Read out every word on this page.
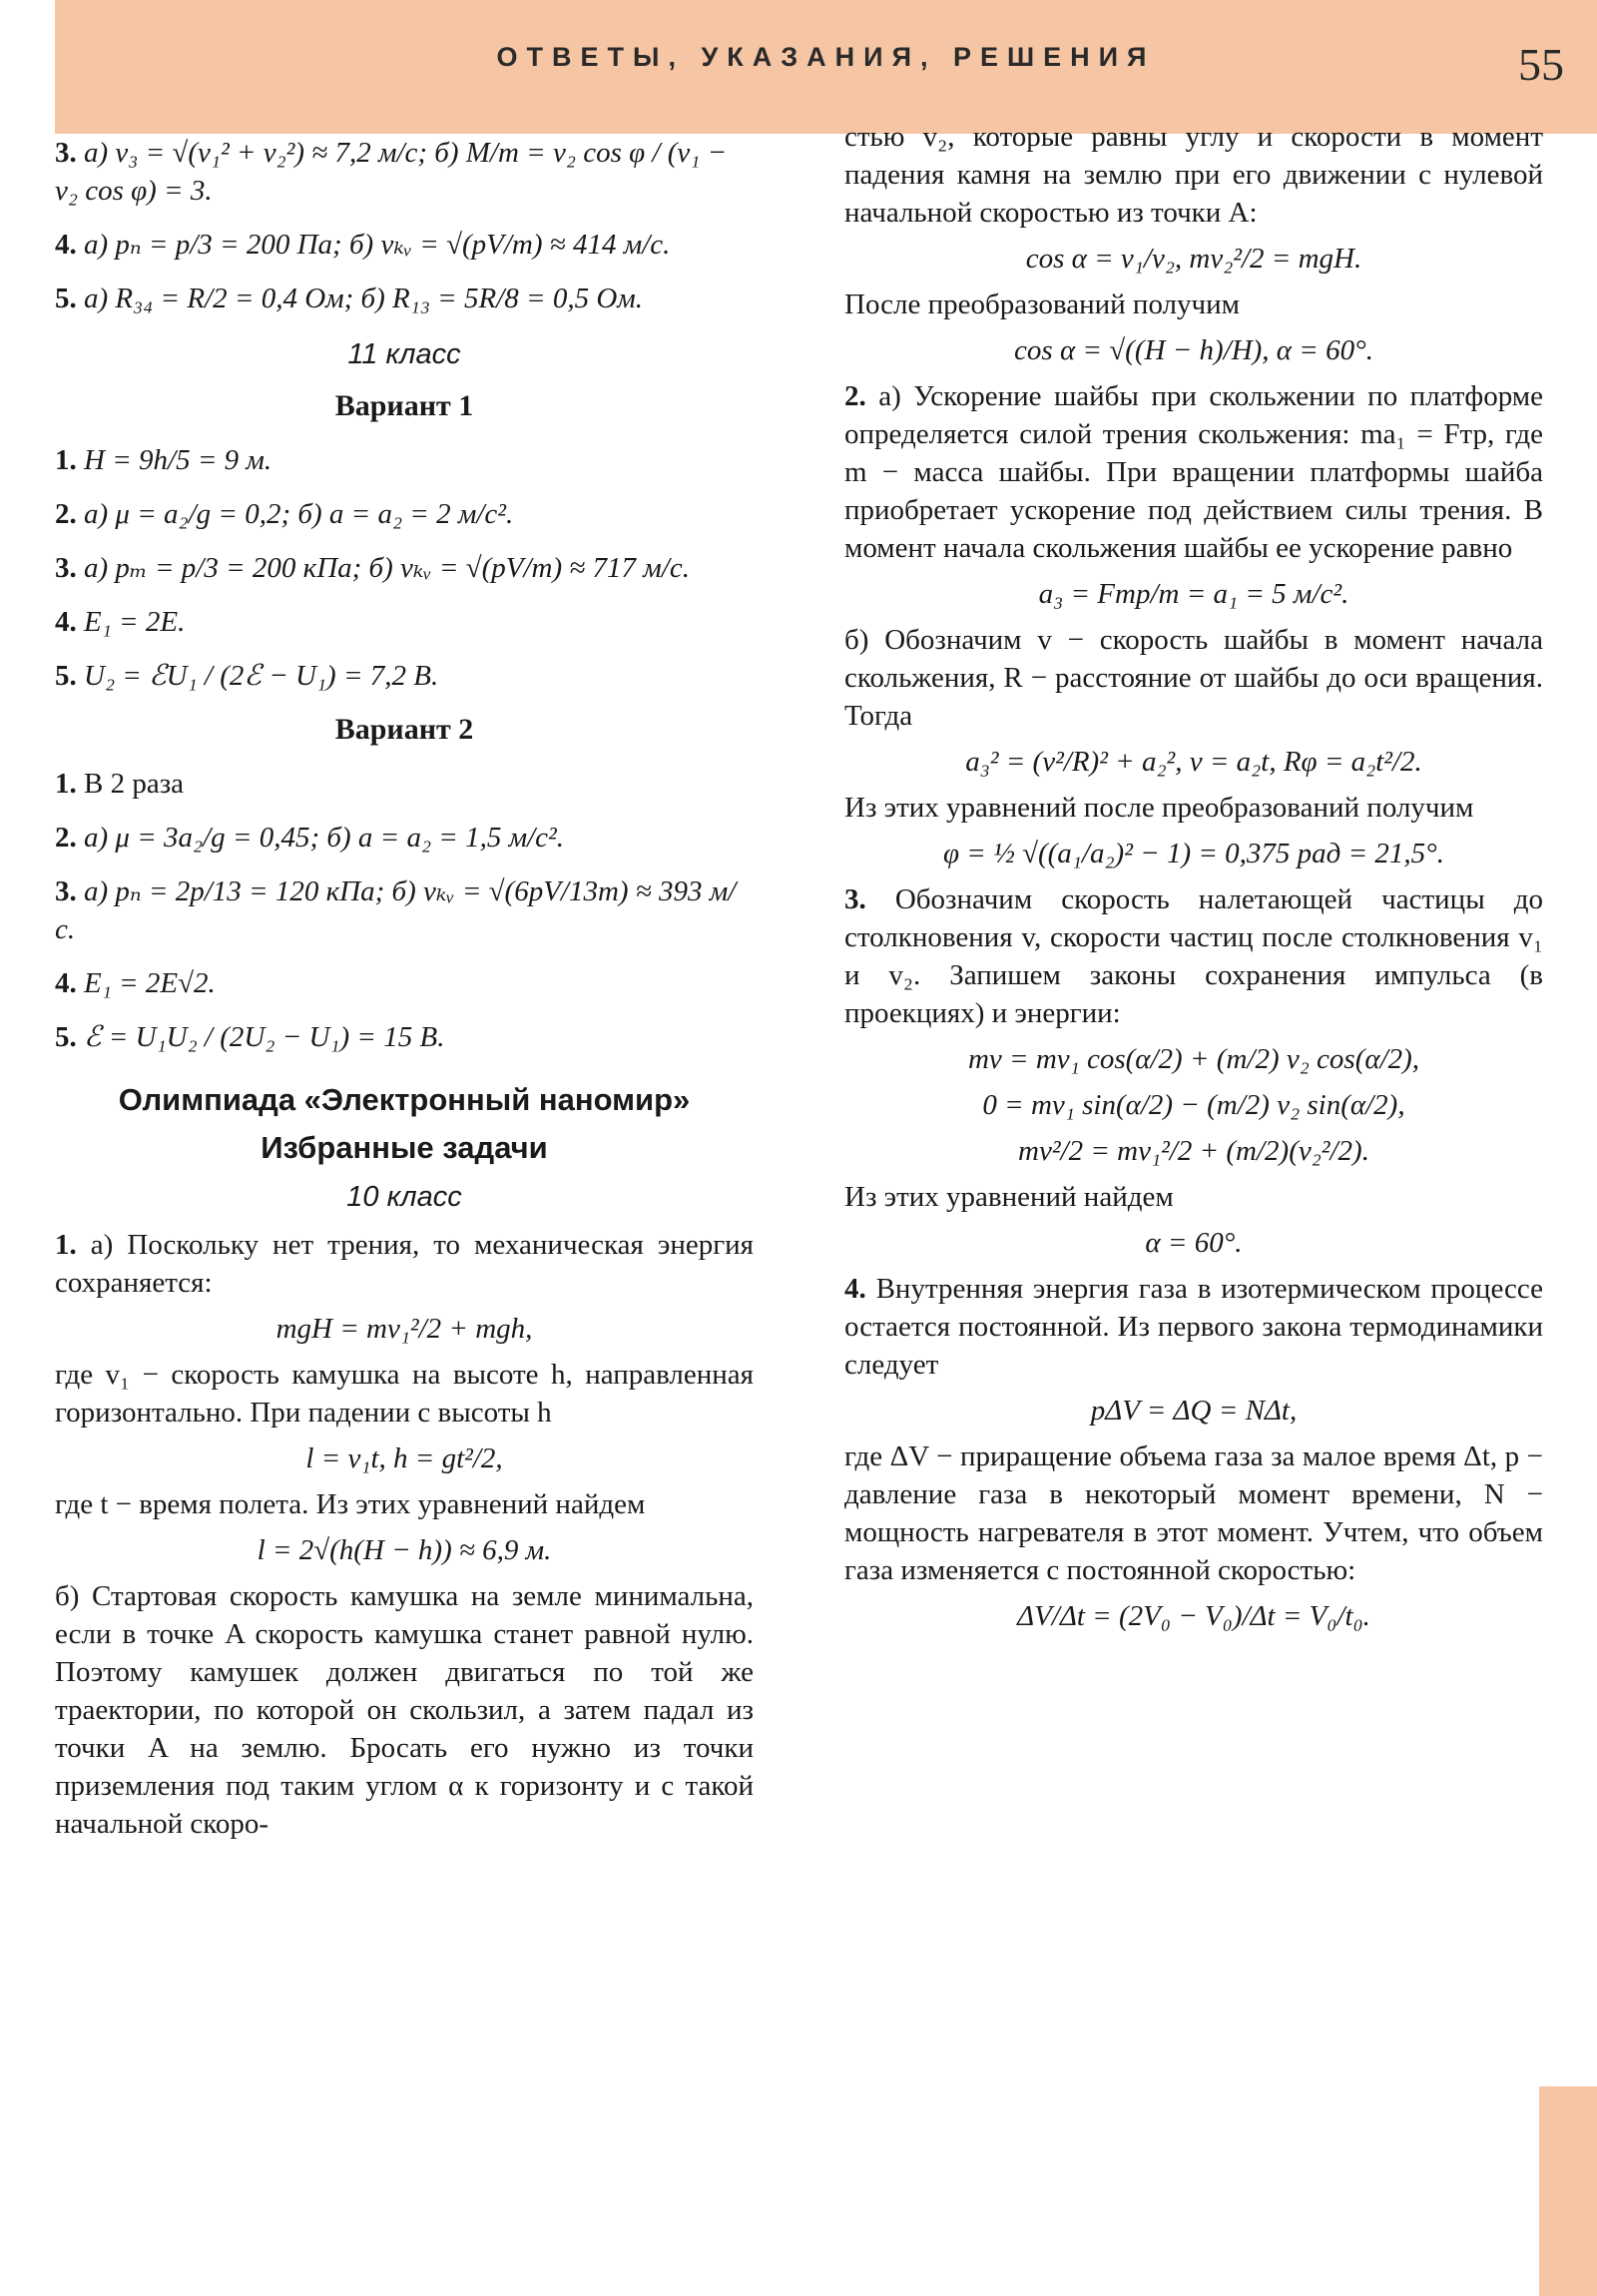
ОТВЕТЫ, УКАЗАНИЯ, РЕШЕНИЯ	55
3. а) v₃ = √(v₁² + v₂²) ≈ 7,2 м/с; б) M/m = v₂ cos φ / (v₁ − v₂ cos φ) = 3.
4. а) pₙ = p/3 = 200 Па; б) vₖᵥ = √(pV/m) ≈ 414 м/с.
5. а) R₃₄ = R/2 = 0,4 Ом; б) R₁₃ = 5R/8 = 0,5 Ом.
11 класс
Вариант 1
1. H = 9h/5 = 9 м.
2. а) μ = a₂/g = 0,2; б) a = a₂ = 2 м/с².
3. а) pₘ = p/3 = 200 кПа; б) vₖᵥ = √(pV/m) ≈ 717 м/с.
4. E₁ = 2E.
5. U₂ = ℰU₁ / (2ℰ − U₁) = 7,2 В.
Вариант 2
1. В 2 раза
2. а) μ = 3a₂/g = 0,45; б) a = a₂ = 1,5 м/с².
3. а) pₙ = 2p/13 = 120 кПа; б) vₖᵥ = √(6pV/13m) ≈ 393 м/с.
4. E₁ = 2E√2.
5. ℰ = U₁U₂ / (2U₂ − U₁) = 15 В.
Олимпиада «Электронный наномир»
Избранные задачи
10 класс

1. а) Поскольку нет трения, то механическая энергия сохраняется:

mgH = mv₁²/2 + mgh,

где v₁ − скорость камушка на высоте h, направленная горизонтально. При падении с высоты h

l = v₁t, h = gt²/2,

где t − время полета. Из этих уравнений найдем

l = 2√(h(H − h)) ≈ 6,9 м.

б) Стартовая скорость камушка на земле минимальна, если в точке A скорость камушка станет равной нулю. Поэтому камушек должен двигаться по той же траектории, по которой он скользил, а затем падал из точки A на землю. Бросать его нужно из точки приземления под таким углом α к горизонту и с такой начальной скоро-

стью v₂, которые равны углу и скорости в момент падения камня на землю при его движении с нулевой начальной скоростью из точки A:

cos α = v₁/v₂, mv₂²/2 = mgH.

После преобразований получим

cos α = √((H − h)/H), α = 60°.

2. а) Ускорение шайбы при скольжении по платформе определяется силой трения скольжения: ma₁ = Fтр, где m − масса шайбы. При вращении платформы шайба приобретает ускорение под действием силы трения. В момент начала скольжения шайбы ее ускорение равно

a₃ = Fтр/m = a₁ = 5 м/с².

б) Обозначим v − скорость шайбы в момент начала скольжения, R − расстояние от шайбы до оси вращения. Тогда

a₃² = (v²/R)² + a₂², v = a₂t, Rφ = a₂t²/2.

Из этих уравнений после преобразований получим

φ = ½ √((a₁/a₂)² − 1) = 0,375 рад = 21,5°.

3. Обозначим скорость налетающей частицы до столкновения v, скорости частиц после столкновения v₁ и v₂. Запишем законы сохранения импульса (в проекциях) и энергии:

mv = mv₁ cos(α/2) + (m/2) v₂ cos(α/2),
0 = mv₁ sin(α/2) − (m/2) v₂ sin(α/2),
mv²/2 = mv₁²/2 + (m/2)(v₂²/2).

Из этих уравнений найдем

α = 60°.

4. Внутренняя энергия газа в изотермическом процессе остается постоянной. Из первого закона термодинамики следует

pΔV = ΔQ = NΔt,

где ΔV − приращение объема газа за малое время Δt, p − давление газа в некоторый момент времени, N − мощность нагревателя в этот момент. Учтем, что объем газа изменяется с постоянной скоростью:

ΔV/Δt = (2V₀ − V₀)/Δt = V₀/t₀.
